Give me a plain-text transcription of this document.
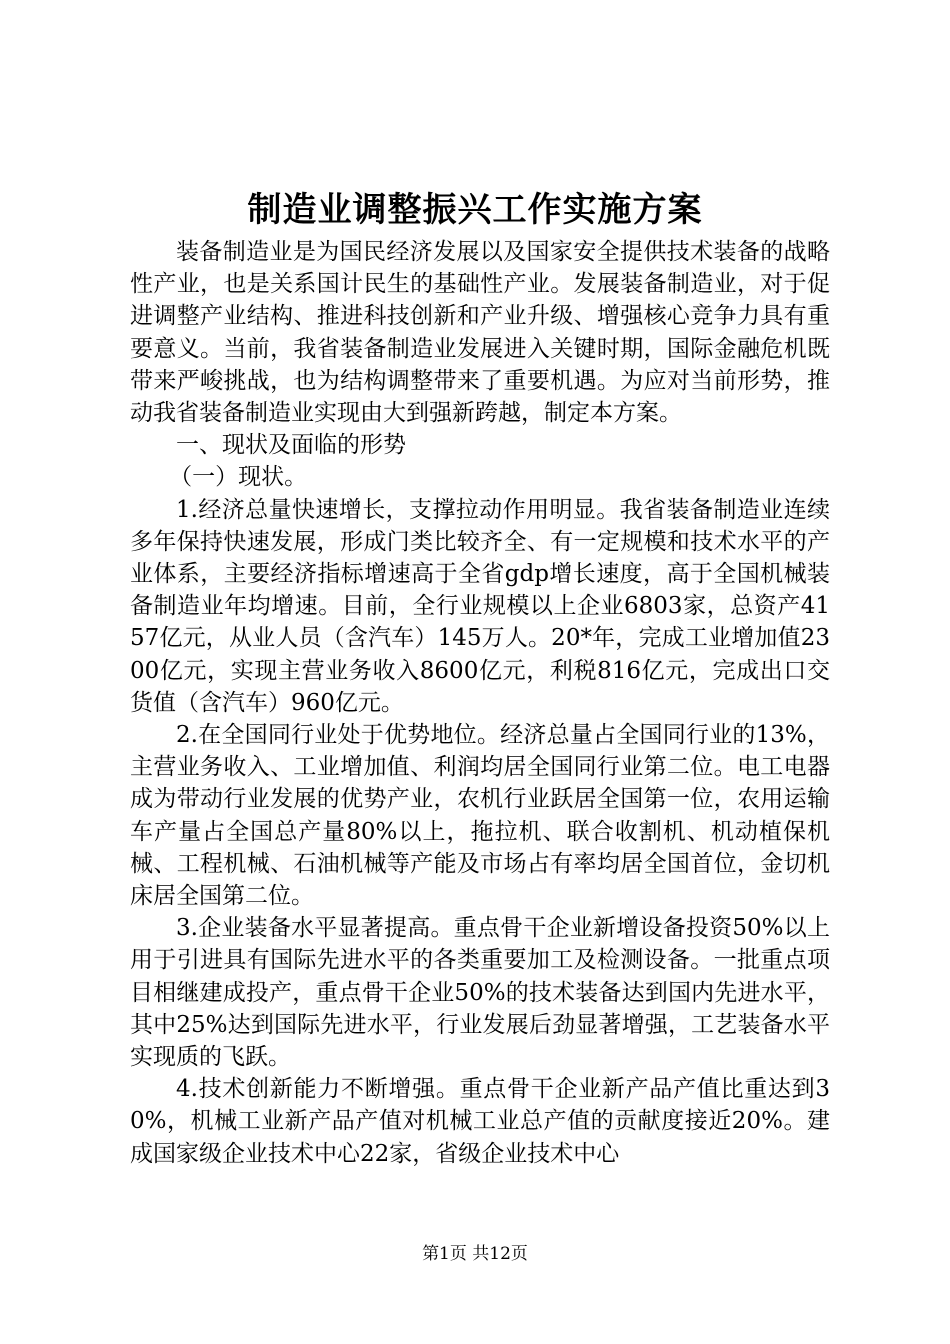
制造业调整振兴工作实施方案

装备制造业是为国民经济发展以及国家安全提供技术装备的战略性产业，也是关系国计民生的基础性产业。发展装备制造业，对于促进调整产业结构、推进科技创新和产业升级、增强核心竞争力具有重要意义。当前，我省装备制造业发展进入关键时期，国际金融危机既带来严峻挑战，也为结构调整带来了重要机遇。为应对当前形势，推动我省装备制造业实现由大到强新跨越，制定本方案。

一、现状及面临的形势

（一）现状。

1.经济总量快速增长，支撑拉动作用明显。我省装备制造业连续多年保持快速发展，形成门类比较齐全、有一定规模和技术水平的产业体系，主要经济指标增速高于全省gdp增长速度，高于全国机械装备制造业年均增速。目前，全行业规模以上企业6803家，总资产4157亿元，从业人员（含汽车）145万人。20*年，完成工业增加值2300亿元，实现主营业务收入8600亿元，利税816亿元，完成出口交货值（含汽车）960亿元。

2.在全国同行业处于优势地位。经济总量占全国同行业的13%，主营业务收入、工业增加值、利润均居全国同行业第二位。电工电器成为带动行业发展的优势产业，农机行业跃居全国第一位，农用运输车产量占全国总产量80%以上，拖拉机、联合收割机、机动植保机械、工程机械、石油机械等产能及市场占有率均居全国首位，金切机床居全国第二位。

3.企业装备水平显著提高。重点骨干企业新增设备投资50%以上用于引进具有国际先进水平的各类重要加工及检测设备。一批重点项目相继建成投产，重点骨干企业50%的技术装备达到国内先进水平，其中25%达到国际先进水平，行业发展后劲显著增强，工艺装备水平实现质的飞跃。

4.技术创新能力不断增强。重点骨干企业新产品产值比重达到30%，机械工业新产品产值对机械工业总产值的贡献度接近20%。建成国家级企业技术中心22家，省级企业技术中心

第1页 共12页
